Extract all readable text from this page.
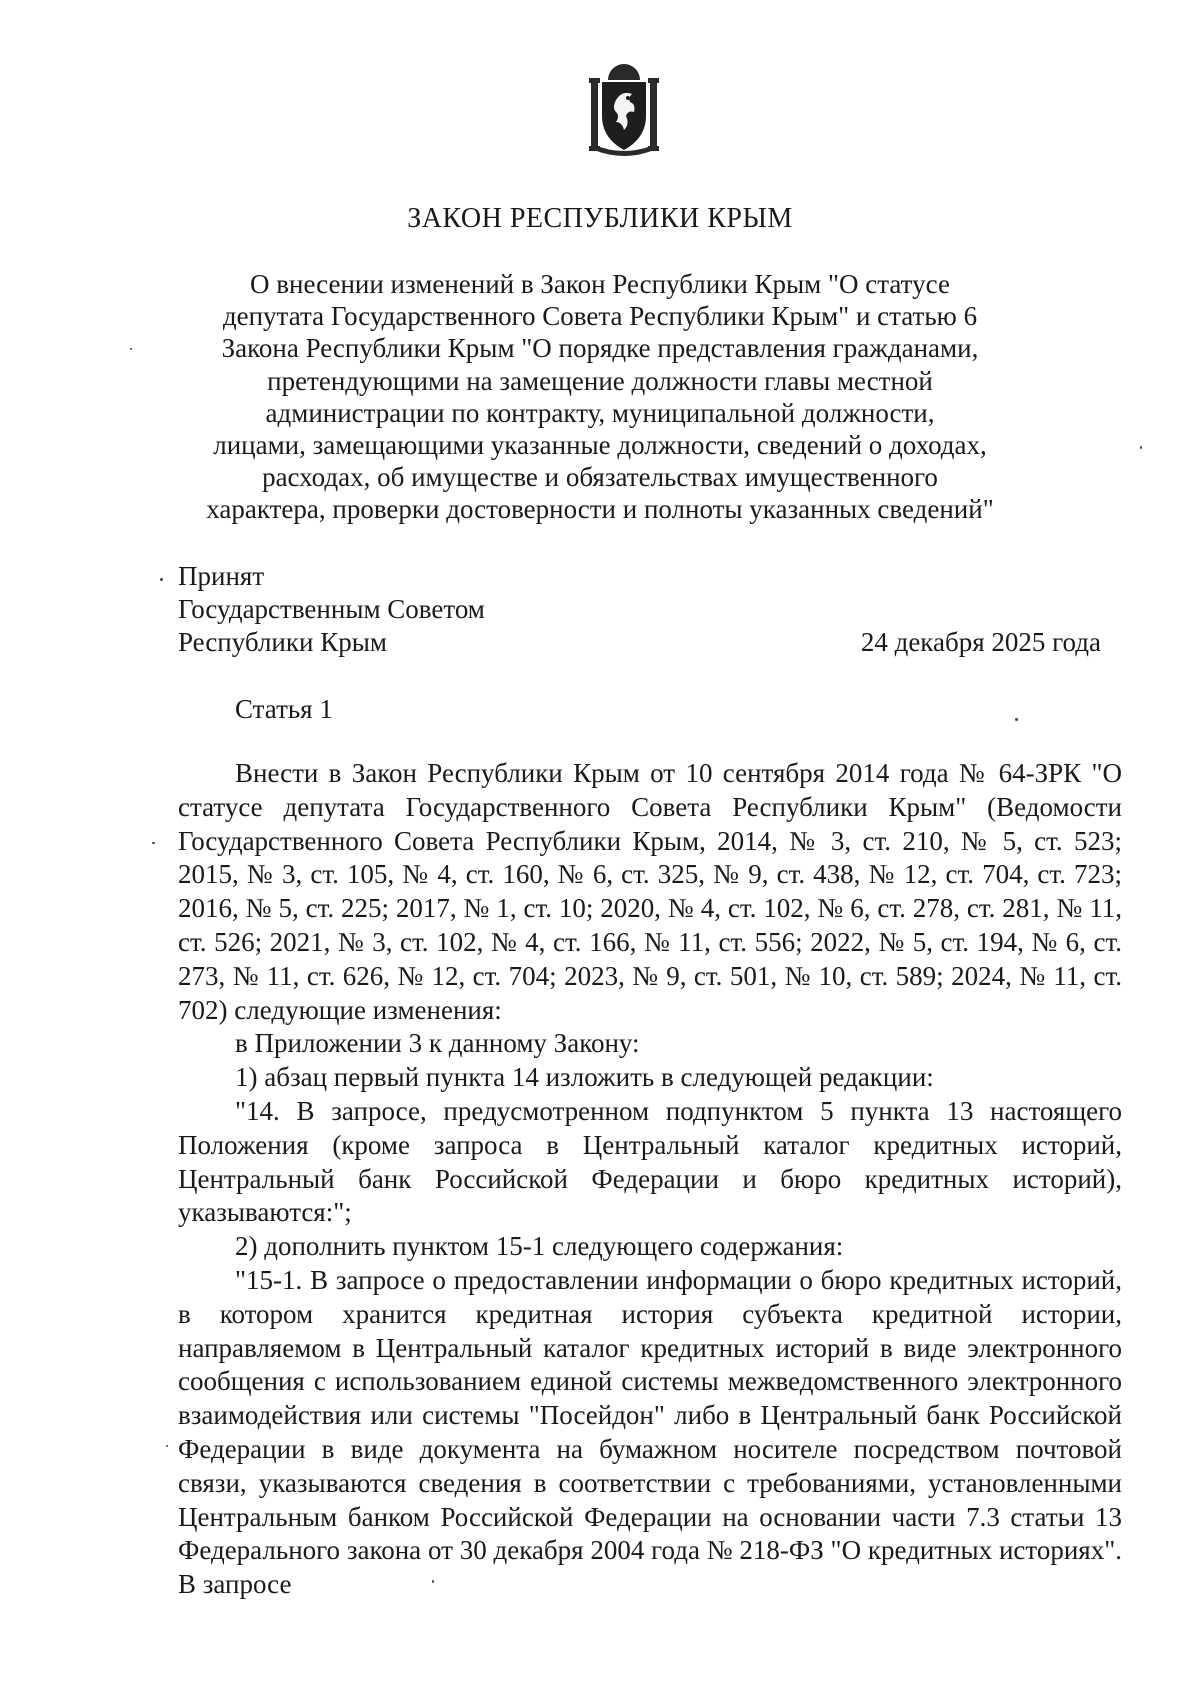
ЗАКОН РЕСПУБЛИКИ КРЫМ
О внесении изменений в Закон Республики Крым "О статусе
депутата Государственного Совета Республики Крым" и статью 6
Закона Республики Крым "О порядке представления гражданами,
претендующими на замещение должности главы местной
администрации по контракту, муниципальной должности,
лицами, замещающими указанные должности, сведений о доходах,
расходах, об имуществе и обязательствах имущественного
характера, проверки достоверности и полноты указанных сведений"
Принят
Государственным Советом
Республики Крым	24 декабря 2025 года
Статья 1

Внести в Закон Республики Крым от 10 сентября 2014 года № 64-ЗРК "О статусе депутата Государственного Совета Республики Крым" (Ведомости Государственного Совета Республики Крым, 2014, № 3, ст. 210, № 5, ст. 523; 2015, № 3, ст. 105, № 4, ст. 160, № 6, ст. 325, № 9, ст. 438, № 12, ст. 704, ст. 723; 2016, № 5, ст. 225; 2017, № 1, ст. 10; 2020, № 4, ст. 102, № 6, ст. 278, ст. 281, № 11, ст. 526; 2021, № 3, ст. 102, № 4, ст. 166, № 11, ст. 556; 2022, № 5, ст. 194, № 6, ст. 273, № 11, ст. 626, № 12, ст. 704; 2023, № 9, ст. 501, № 10, ст. 589; 2024, № 11, ст. 702) следующие изменения:

в Приложении 3 к данному Закону:

1) абзац первый пункта 14 изложить в следующей редакции:

"14. В запросе, предусмотренном подпунктом 5 пункта 13 настоящего Положения (кроме запроса в Центральный каталог кредитных историй, Центральный банк Российской Федерации и бюро кредитных историй), указываются:";

2) дополнить пунктом 15-1 следующего содержания:

"15-1. В запросе о предоставлении информации о бюро кредитных историй, в котором хранится кредитная история субъекта кредитной истории, направляемом в Центральный каталог кредитных историй в виде электронного сообщения с использованием единой системы межведомственного электронного взаимодействия или системы "Посейдон" либо в Центральный банк Российской Федерации в виде документа на бумажном носителе посредством почтовой связи, указываются сведения в соответствии с требованиями, установленными Центральным банком Российской Федерации на основании части 7.3 статьи 13 Федерального закона от 30 декабря 2004 года № 218-ФЗ "О кредитных историях". В запросе
